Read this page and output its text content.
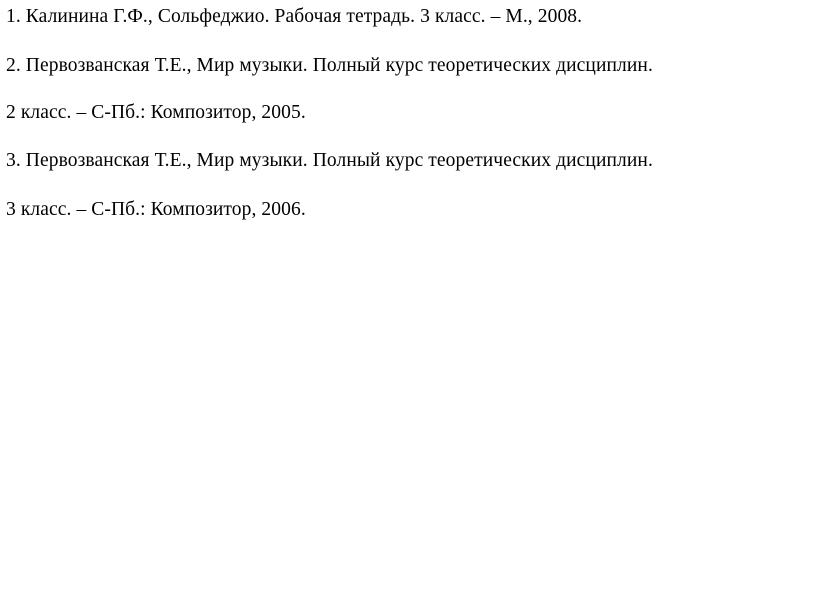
1. Калинина Г.Ф., Сольфеджио. Рабочая тетрадь. 3 класс. – М., 2008.
2. Первозванская Т.Е., Мир музыки. Полный курс теоретических дисциплин.
2 класс. – С-Пб.: Композитор, 2005.
3. Первозванская Т.Е., Мир музыки. Полный курс теоретических дисциплин.
3 класс. – С-Пб.: Композитор, 2006.
